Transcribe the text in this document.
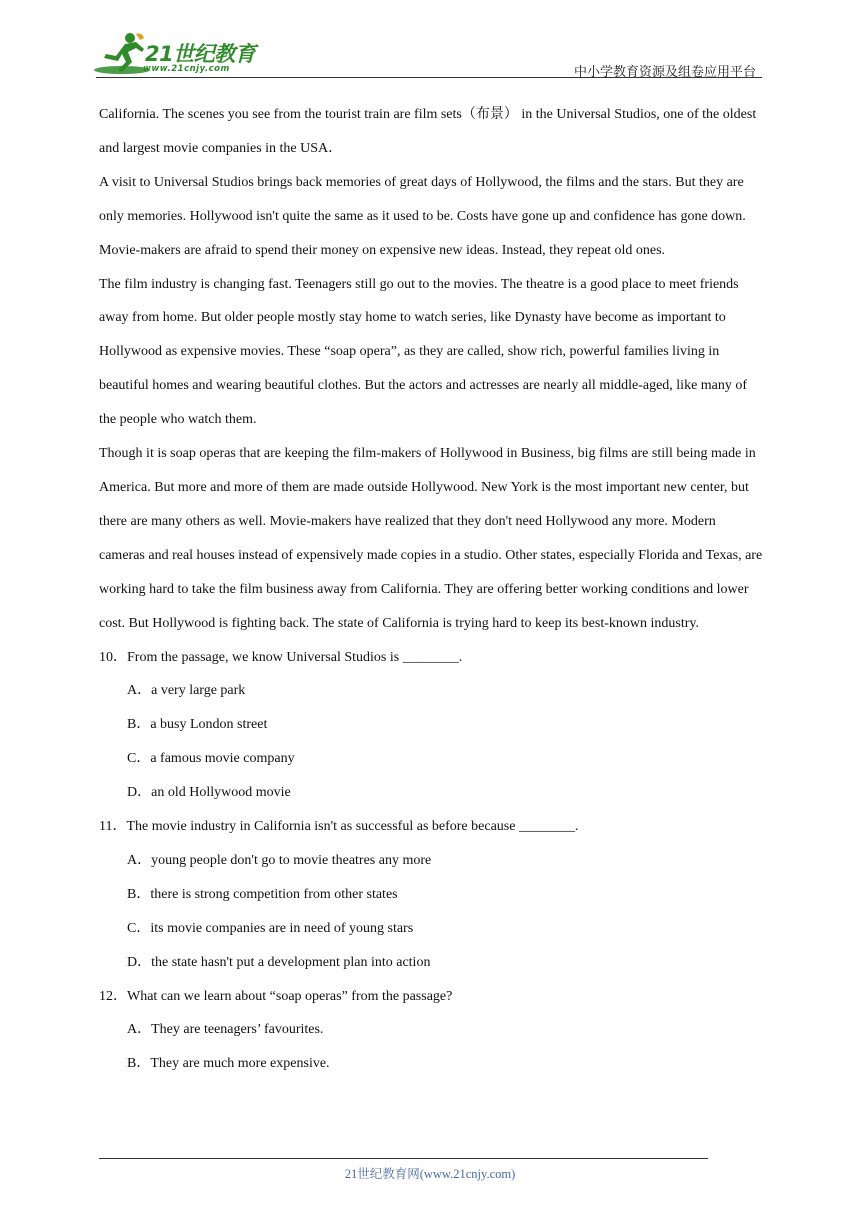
21世纪教育
www.21cnjy.com	中小学教育资源及组卷应用平台

California. The scenes you see from the tourist train are film sets（布景） in the Universal Studios, one of the oldest and largest movie companies in the USA．

A visit to Universal Studios brings back memories of great days of Hollywood, the films and the stars. But they are only memories. Hollywood isn't quite the same as it used to be. Costs have gone up and confidence has gone down. Movie-makers are afraid to spend their money on expensive new ideas. Instead, they repeat old ones.

The film industry is changing fast. Teenagers still go out to the movies. The theatre is a good place to meet friends away from home. But older people mostly stay home to watch series, like Dynasty have become as important to Hollywood as expensive movies. These “soap opera”, as they are called, show rich, powerful families living in beautiful homes and wearing beautiful clothes. But the actors and actresses are nearly all middle-aged, like many of the people who watch them.

Though it is soap operas that are keeping the film-makers of Hollywood in Business, big films are still being made in America. But more and more of them are made outside Hollywood. New York is the most important new center, but there are many others as well. Movie-makers have realized that they don't need Hollywood any more. Modern cameras and real houses instead of expensively made copies in a studio. Other states, especially Florida and Texas, are working hard to take the film business away from California. They are offering better working conditions and lower cost. But Hollywood is fighting back. The state of California is trying hard to keep its best-known industry.

10．From the passage, we know Universal Studios is ________.

A．a very large park

B．a busy London street

C．a famous movie company

D．an old Hollywood movie

11．The movie industry in California isn't as successful as before because ________.

A．young people don't go to movie theatres any more

B．there is strong competition from other states

C．its movie companies are in need of young stars

D．the state hasn't put a development plan into action

12．What can we learn about “soap operas” from the passage?

A．They are teenagers’ favourites.

B．They are much more expensive.

21世纪教育网(www.21cnjy.com)
